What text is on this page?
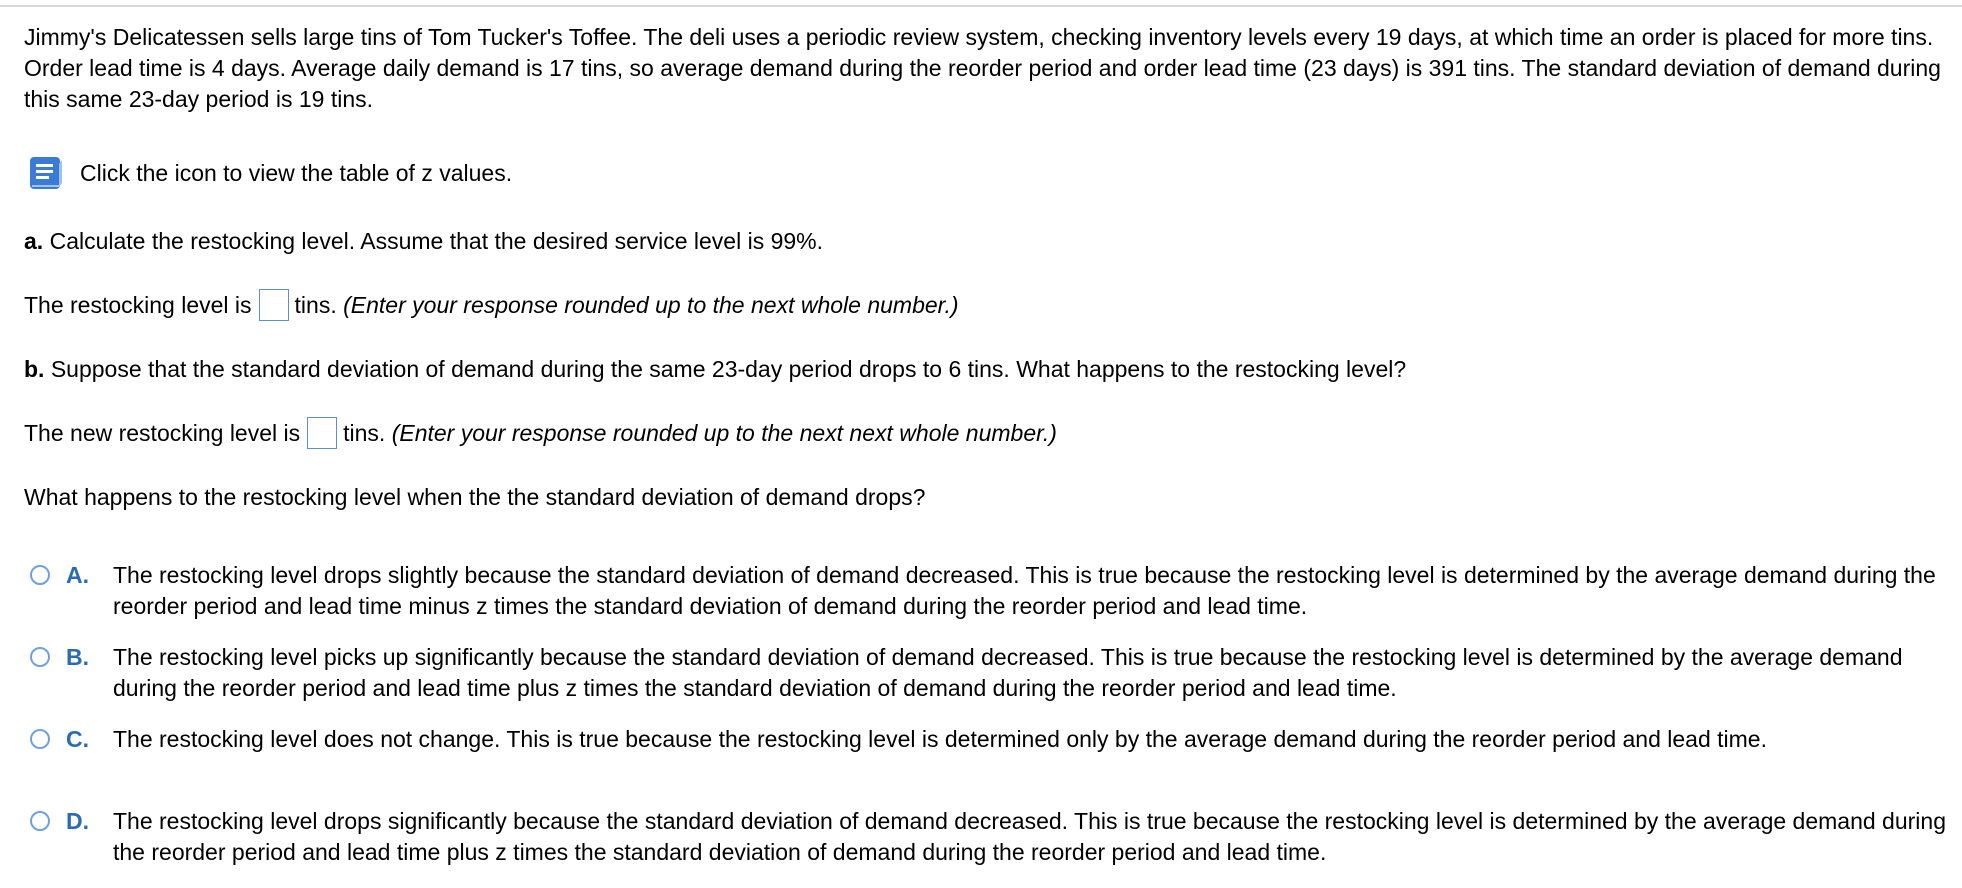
Jimmy's Delicatessen sells large tins of Tom Tucker's Toffee. The deli uses a periodic review system, checking inventory levels every 19 days, at which time an order is placed for more tins. Order lead time is 4 days. Average daily demand is 17 tins, so average demand during the reorder period and order lead time (23 days) is 391 tins. The standard deviation of demand during this same 23-day period is 19 tins.

Click the icon to view the table of z values.
a. Calculate the restocking level. Assume that the desired service level is 99%.
The restocking level is tins. (Enter your response rounded up to the next whole number.)
b. Suppose that the standard deviation of demand during the same 23-day period drops to 6 tins. What happens to the restocking level?
The new restocking level is tins. (Enter your response rounded up to the next next whole number.)
What happens to the restocking level when the the standard deviation of demand drops?
A. The restocking level drops slightly because the standard deviation of demand decreased. This is true because the restocking level is determined by the average demand during the reorder period and lead time minus z times the standard deviation of demand during the reorder period and lead time.
B. The restocking level picks up significantly because the standard deviation of demand decreased. This is true because the restocking level is determined by the average demand during the reorder period and lead time plus z times the standard deviation of demand during the reorder period and lead time.
C. The restocking level does not change. This is true because the restocking level is determined only by the average demand during the reorder period and lead time.
D. The restocking level drops significantly because the standard deviation of demand decreased. This is true because the restocking level is determined by the average demand during the reorder period and lead time plus z times the standard deviation of demand during the reorder period and lead time.
